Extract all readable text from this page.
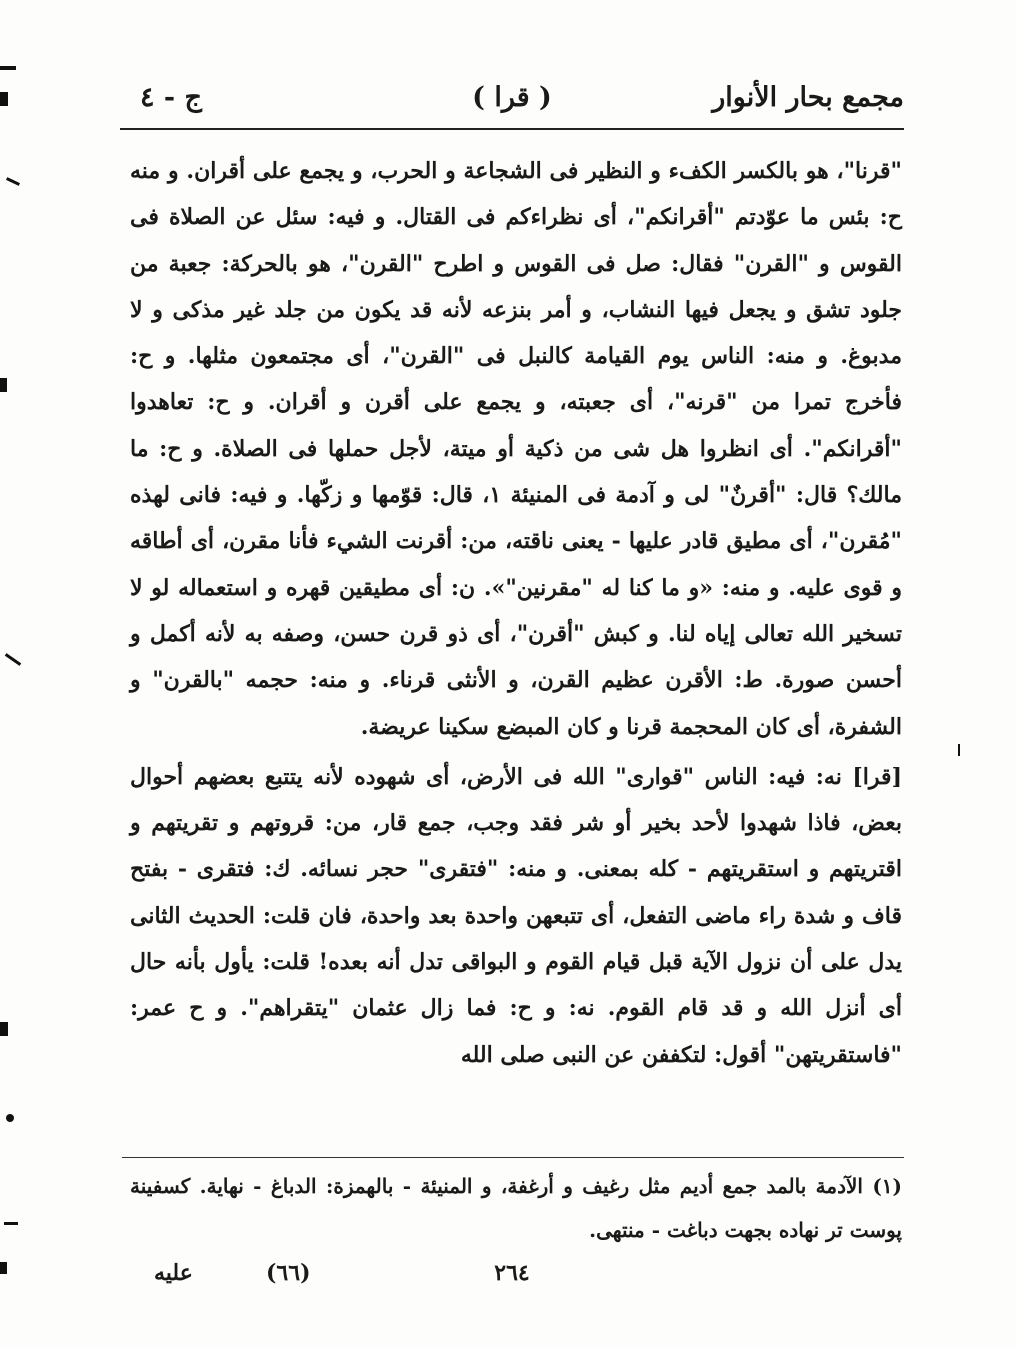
مجمع بحار الأنوار
( قرا )
ج - ٤

"قرنا"، هو بالكسر الكفء و النظير فى الشجاعة و الحرب، و يجمع على أقران. و منه ح: بئس ما عوّدتم "أقرانكم"، أى نظراءكم فى القتال. و فيه: سئل عن الصلاة فى القوس و "القرن" فقال: صل فى القوس و اطرح "القرن"، هو بالحركة: جعبة من جلود تشق و يجعل فيها النشاب، و أمر بنزعه لأنه قد يكون من جلد غير مذكى و لا مدبوغ. و منه: الناس يوم القيامة كالنبل فى "القرن"، أى مجتمعون مثلها. و ح: فأخرج تمرا من "قرنه"، أى جعبته، و يجمع على أقرن و أقران. و ح: تعاهدوا "أقرانكم". أى انظروا هل شى من ذكية أو ميتة، لأجل حملها فى الصلاة. و ح: ما مالك؟ قال: "أقرنٌ" لى و آدمة فى المنيئة ١، قال: قوّمها و زكّها. و فيه: فانى لهذه "مُقرن"، أى مطيق قادر عليها - يعنى ناقته، من: أقرنت الشيء فأنا مقرن، أى أطاقه و قوى عليه. و منه: «و ما كنا له "مقرنين"». ن: أى مطيقين قهره و استعماله لو لا تسخير الله تعالى إياه لنا. و كبش "أقرن"، أى ذو قرن حسن، وصفه به لأنه أكمل و أحسن صورة. ط: الأقرن عظيم القرن، و الأنثى قرناء. و منه: حجمه "بالقرن" و الشفرة، أى كان المحجمة قرنا و كان المبضع سكينا عريضة.

[قرا] نه: فيه: الناس "قوارى" الله فى الأرض، أى شهوده لأنه يتتبع بعضهم أحوال بعض، فاذا شهدوا لأحد بخير أو شر فقد وجب، جمع قار، من: قروتهم و تقريتهم و اقتريتهم و استقريتهم - كله بمعنى. و منه: "فتقرى" حجر نسائه. ك: فتقرى - بفتح قاف و شدة راء ماضى التفعل، أى تتبعهن واحدة بعد واحدة، فان قلت: الحديث الثانى يدل على أن نزول الآية قبل قيام القوم و البواقى تدل أنه بعده! قلت: يأول بأنه حال أى أنزل الله و قد قام القوم. نه: و ح: فما زال عثمان "يتقراهم". و ح عمر: "فاستقريتهن" أقول: لتكففن عن النبى صلى الله

(١) الآدمة بالمد جمع أديم مثل رغيف و أرغفة، و المنيئة - بالهمزة: الدباغ - نهاية. كسفينة پوست تر نهاده بجهت دباغت - منتهى.

٢٦٤
(٦٦)
عليه
